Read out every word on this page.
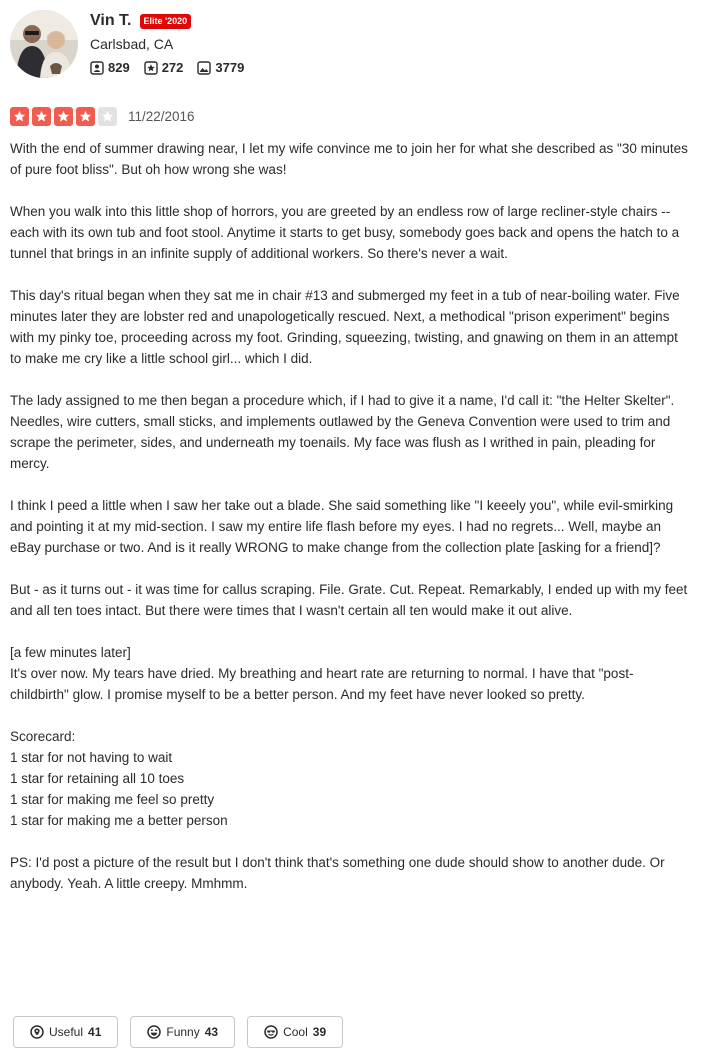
Vin T.	Elite '2020
Carlsbad, CA
829 272 3779
11/22/2016

With the end of summer drawing near, I let my wife convince me to join her for what she described as "30 minutes of pure foot bliss". But oh how wrong she was!

When you walk into this little shop of horrors, you are greeted by an endless row of large recliner-style chairs -- each with its own tub and foot stool. Anytime it starts to get busy, somebody goes back and opens the hatch to a tunnel that brings in an infinite supply of additional workers. So there's never a wait.

This day's ritual began when they sat me in chair #13 and submerged my feet in a tub of near-boiling water. Five minutes later they are lobster red and unapologetically rescued. Next, a methodical "prison experiment" begins with my pinky toe, proceeding across my foot. Grinding, squeezing, twisting, and gnawing on them in an attempt to make me cry like a little school girl... which I did.

The lady assigned to me then began a procedure which, if I had to give it a name, I'd call it: "the Helter Skelter". Needles, wire cutters, small sticks, and implements outlawed by the Geneva Convention were used to trim and scrape the perimeter, sides, and underneath my toenails. My face was flush as I writhed in pain, pleading for mercy.

I think I peed a little when I saw her take out a blade. She said something like "I keeely you", while evil-smirking and pointing it at my mid-section. I saw my entire life flash before my eyes. I had no regrets... Well, maybe an eBay purchase or two. And is it really WRONG to make change from the collection plate [asking for a friend]?

But - as it turns out - it was time for callus scraping. File. Grate. Cut. Repeat. Remarkably, I ended up with my feet and all ten toes intact. But there were times that I wasn't certain all ten would make it out alive.

[a few minutes later]
It's over now. My tears have dried. My breathing and heart rate are returning to normal. I have that "post-childbirth" glow. I promise myself to be a better person. And my feet have never looked so pretty.

Scorecard:
1 star for not having to wait
1 star for retaining all 10 toes
1 star for making me feel so pretty
1 star for making me a better person

PS: I'd post a picture of the result but I don't think that's something one dude should show to another dude. Or anybody. Yeah. A little creepy. Mmhmm.

Useful 41	Funny 43	Cool 39
